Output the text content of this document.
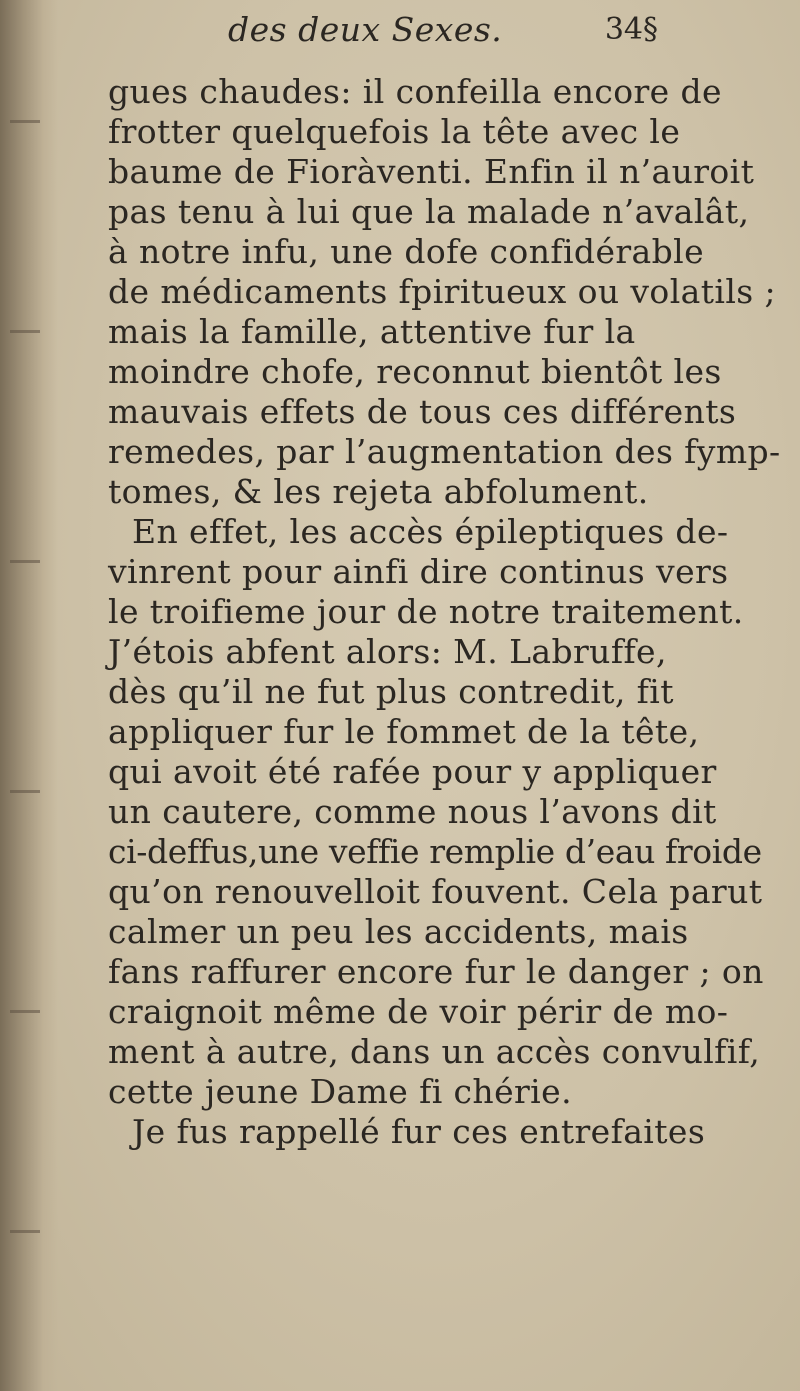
des deux Sexes.	34§
gues chaudes: il confeilla encore de
frotter quelquefois la tête avec le
baume de Fioràventi. Enfin il n’auroit
pas tenu à lui que la malade n’avalât,
à notre infu, une dofe confidérable
de médicaments fpiritueux ou volatils ;
mais la famille, attentive fur la
moindre chofe, reconnut bientôt les
mauvais effets de tous ces différents
remedes, par l’augmentation des fymp-
tomes, & les rejeta abfolument.
En effet, les accès épileptiques de-
vinrent pour ainfi dire continus vers
le troifieme jour de notre traitement.
J’étois abfent alors: M. Labruffe,
dès qu’il ne fut plus contredit, fit
appliquer fur le fommet de la tête,
qui avoit été rafée pour y appliquer
un cautere, comme nous l’avons dit
ci-deffus,une veffie remplie d’eau froide
qu’on renouvelloit fouvent. Cela parut
calmer un peu les accidents, mais
fans raffurer encore fur le danger ; on
craignoit même de voir périr de mo-
ment à autre, dans un accès convulfif,
cette jeune Dame fi chérie.
Je fus rappellé fur ces entrefaites
